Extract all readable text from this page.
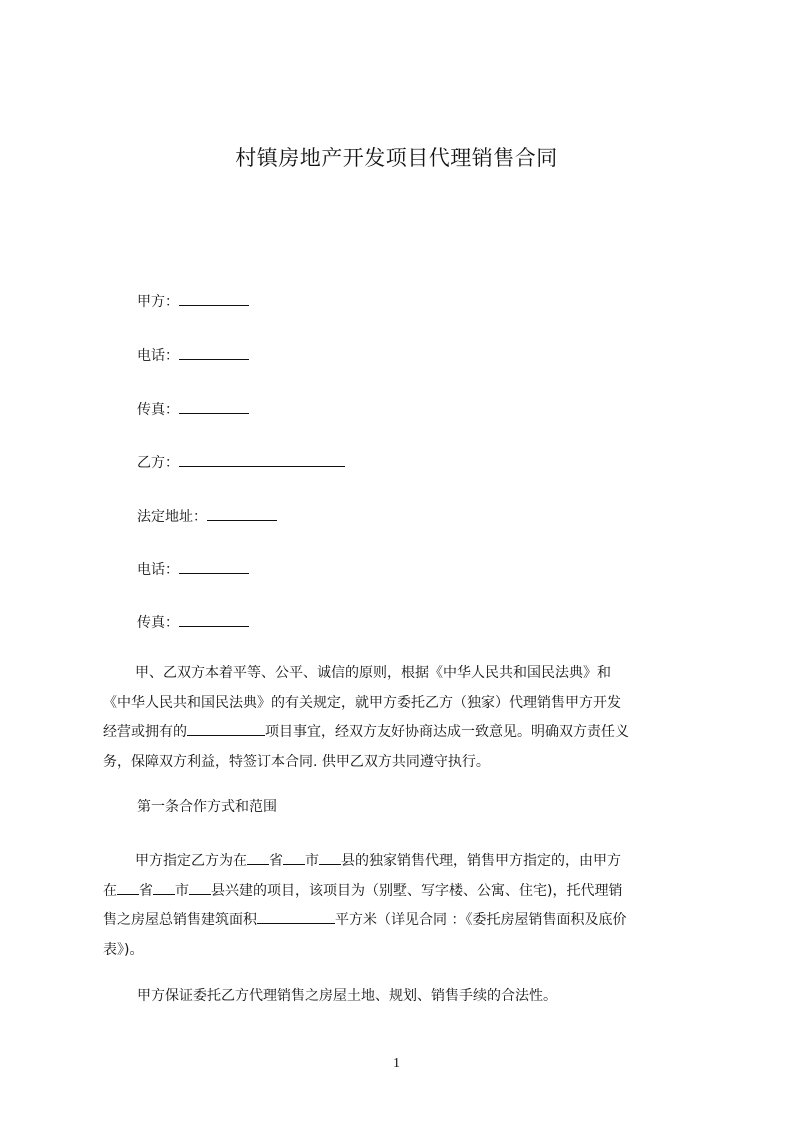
村镇房地产开发项目代理销售合同
甲方：
电话：
传真：
乙方：
法定地址：
电话：
传真：
甲、乙双方本着平等、公平、诚信的原则，根据《中华人民共和国民法典》和
《中华人民共和国民法典》的有关规定，就甲方委托乙方（独家）代理销售甲方开发
经营或拥有的	项目事宜，经双方友好协商达成一致意见。明确双方责任义
务，保障双方利益，特签订本合同. 供甲乙双方共同遵守执行。
第一条合作方式和范围
甲方指定乙方为在 省 市 县的独家销售代理，销售甲方指定的，由甲方
在 省 市 县兴建的项目，该项目为（别墅、写字楼、公寓、住宅)，托代理销
售之房屋总销售建筑面积	平方米（详见合同 ：《委托房屋销售面积及底价
表》)。
甲方保证委托乙方代理销售之房屋土地、规划、销售手续的合法性。
1
